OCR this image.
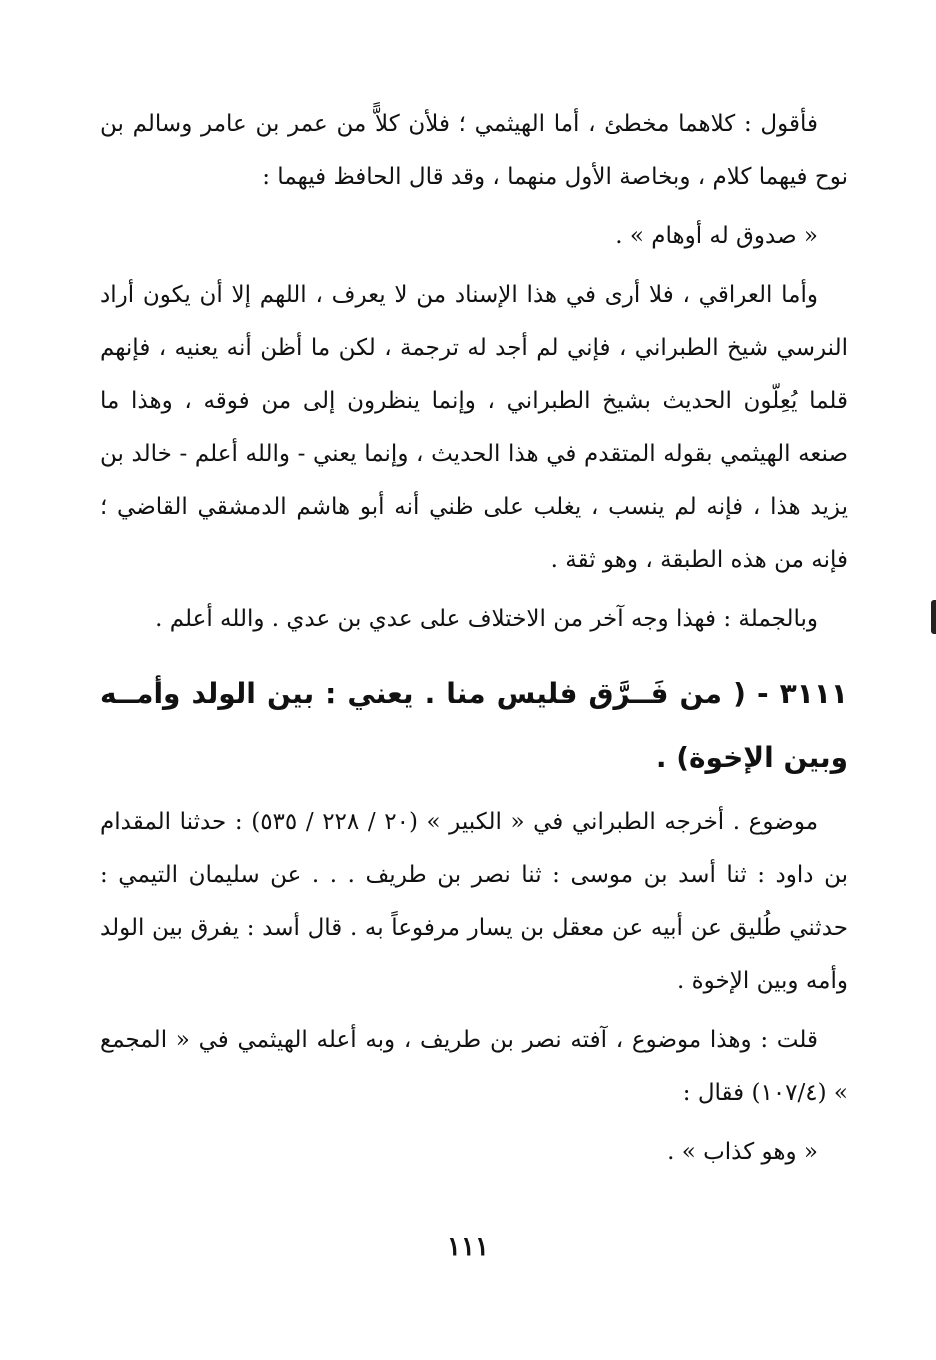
فأقول : كلاهما مخطئ ، أما الهيثمي ؛ فلأن كلاًّ من عمر بن عامر وسالم بن نوح فيهما كلام ، وبخاصة الأول منهما ، وقد قال الحافظ فيهما :

« صدوق له أوهام » .

وأما العراقي ، فلا أرى في هذا الإسناد من لا يعرف ، اللهم إلا أن يكون أراد النرسي شيخ الطبراني ، فإني لم أجد له ترجمة ، لكن ما أظن أنه يعنيه ، فإنهم قلما يُعِلّون الحديث بشيخ الطبراني ، وإنما ينظرون إلى من فوقه ، وهذا ما صنعه الهيثمي بقوله المتقدم في هذا الحديث ، وإنما يعني - والله أعلم - خالد بن يزيد هذا ، فإنه لم ينسب ، يغلب على ظني أنه أبو هاشم الدمشقي القاضي ؛ فإنه من هذه الطبقة ، وهو ثقة .

وبالجملة : فهذا وجه آخر من الاختلاف على عدي بن عدي . والله أعلم .

٣١١١ - ( من فَــرَّق فليس منا . يعني : بين الولد وأمــه وبين الإخوة) .

موضوع . أخرجه الطبراني في « الكبير » (٢٠ / ٢٢٨ / ٥٣٥) : حدثنا المقدام بن داود : ثنا أسد بن موسى : ثنا نصر بن طريف . . . عن سليمان التيمي : حدثني طُليق عن أبيه عن معقل بن يسار مرفوعاً به . قال أسد : يفرق بين الولد وأمه وبين الإخوة .

قلت : وهذا موضوع ، آفته نصر بن طريف ، وبه أعله الهيثمي في « المجمع » (١٠٧/٤) فقال :

« وهو كذاب » .

١١١
